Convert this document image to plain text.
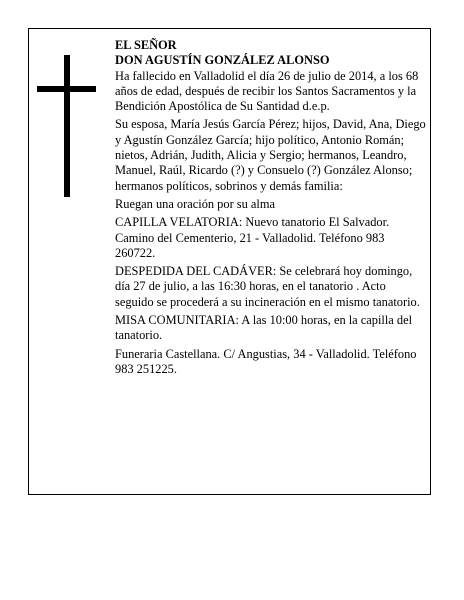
EL SEÑOR
DON AGUSTÍN GONZÁLEZ ALONSO

Ha fallecido en Valladolid el día 26 de julio de 2014, a los 68 años de edad, después de recibir los Santos Sacramentos y la Bendición Apostólica de Su Santidad d.e.p.

Su esposa, María Jesús García Pérez; hijos, David, Ana, Diego y Agustín González García; hijo político, Antonio Román; nietos, Adrián, Judith, Alicia y Sergio; hermanos, Leandro, Manuel, Raúl, Ricardo (?) y Consuelo (?) González Alonso; hermanos políticos, sobrinos y demás familia:

Ruegan una oración por su alma

CAPILLA VELATORIA: Nuevo tanatorio El Salvador. Camino del Cementerio, 21 - Valladolid. Teléfono 983 260722.

DESPEDIDA DEL CADÁVER: Se celebrará hoy domingo, día 27 de julio, a las 16:30 horas, en el tanatorio . Acto seguido se procederá a su incineración en el mismo tanatorio.

MISA COMUNITARIA: A las 10:00 horas, en la capilla del tanatorio.

Funeraria Castellana. C/ Angustias, 34 - Valladolid. Teléfono 983 251225.
